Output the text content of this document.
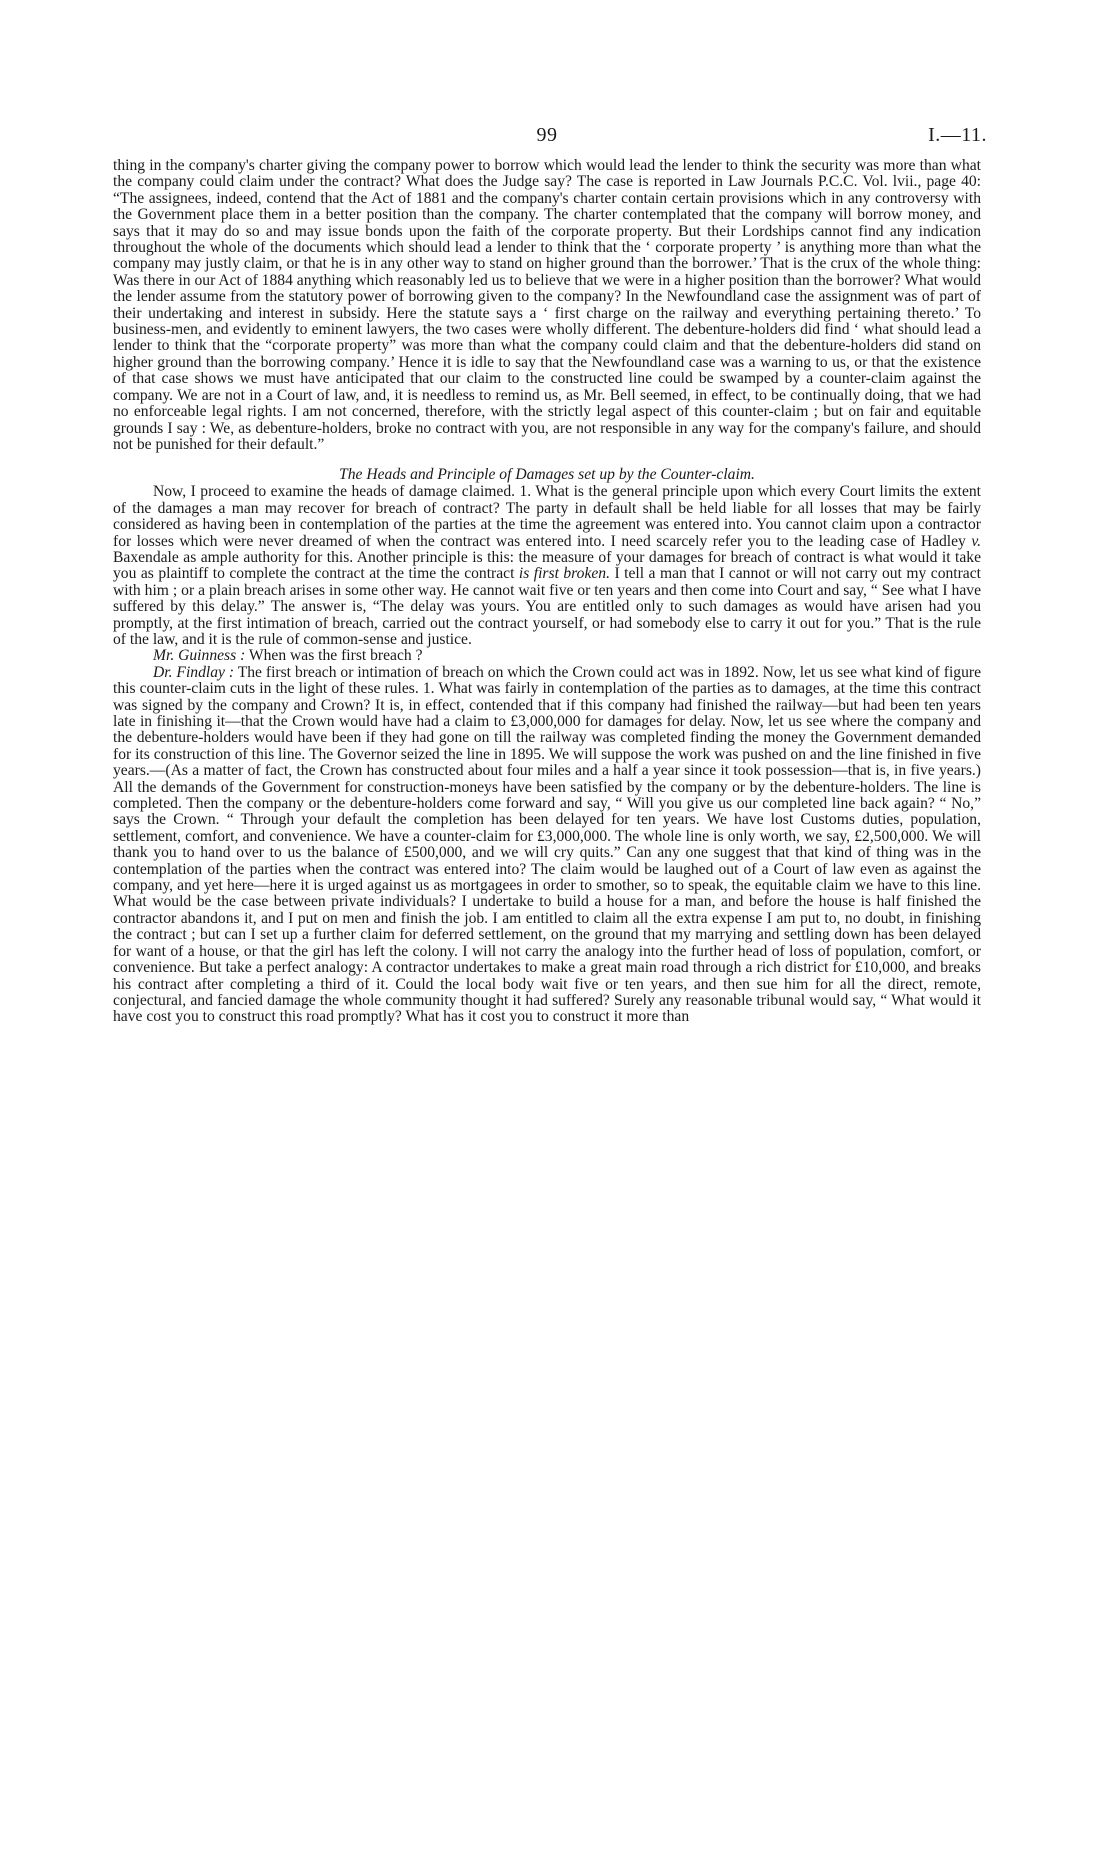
99	I.—11.

thing in the company's charter giving the company power to borrow which would lead the lender to think the security was more than what the company could claim under the contract? What does the Judge say? The case is reported in Law Journals P.C.C. Vol. lvii., page 40: “The assignees, indeed, contend that the Act of 1881 and the company's charter contain certain provisions which in any controversy with the Government place them in a better position than the company. The charter contemplated that the company will borrow money, and says that it may do so and may issue bonds upon the faith of the corporate property. But their Lordships cannot find any indication throughout the whole of the documents which should lead a lender to think that the ‘ corporate property ’ is anything more than what the company may justly claim, or that he is in any other way to stand on higher ground than the borrower.’ That is the crux of the whole thing: Was there in our Act of 1884 anything which reasonably led us to believe that we were in a higher position than the borrower? What would the lender assume from the statutory power of borrowing given to the company? In the Newfoundland case the assignment was of part of their undertaking and interest in subsidy. Here the statute says a ‘ first charge on the railway and everything pertaining thereto.’ To business-men, and evidently to eminent lawyers, the two cases were wholly different. The debenture-holders did find ‘ what should lead a lender to think that the “corporate property” was more than what the company could claim and that the debenture-holders did stand on higher ground than the borrowing company.’ Hence it is idle to say that the Newfoundland case was a warning to us, or that the existence of that case shows we must have anticipated that our claim to the constructed line could be swamped by a counter-claim against the company. We are not in a Court of law, and, it is needless to remind us, as Mr. Bell seemed, in effect, to be continually doing, that we had no enforceable legal rights. I am not concerned, therefore, with the strictly legal aspect of this counter-claim ; but on fair and equitable grounds I say : We, as debenture-holders, broke no contract with you, are not responsible in any way for the company's failure, and should not be punished for their default.”

The Heads and Principle of Damages set up by the Counter-claim.

Now, I proceed to examine the heads of damage claimed. 1. What is the general principle upon which every Court limits the extent of the damages a man may recover for breach of contract? The party in default shall be held liable for all losses that may be fairly considered as having been in contemplation of the parties at the time the agreement was entered into. You cannot claim upon a contractor for losses which were never dreamed of when the contract was entered into. I need scarcely refer you to the leading case of Hadley v. Baxendale as ample authority for this. Another principle is this: the measure of your damages for breach of contract is what would it take you as plaintiff to complete the contract at the time the contract is first broken. I tell a man that I cannot or will not carry out my contract with him ; or a plain breach arises in some other way. He cannot wait five or ten years and then come into Court and say, “ See what I have suffered by this delay.” The answer is, “The delay was yours. You are entitled only to such damages as would have arisen had you promptly, at the first intimation of breach, carried out the contract yourself, or had somebody else to carry it out for you.” That is the rule of the law, and it is the rule of common-sense and justice.

Mr. Guinness : When was the first breach ?

Dr. Findlay : The first breach or intimation of breach on which the Crown could act was in 1892. Now, let us see what kind of figure this counter-claim cuts in the light of these rules. 1. What was fairly in contemplation of the parties as to damages, at the time this contract was signed by the company and Crown? It is, in effect, contended that if this company had finished the railway—but had been ten years late in finishing it—that the Crown would have had a claim to £3,000,000 for damages for delay. Now, let us see where the company and the debenture-holders would have been if they had gone on till the railway was completed finding the money the Government demanded for its construction of this line. The Governor seized the line in 1895. We will suppose the work was pushed on and the line finished in five years.—(As a matter of fact, the Crown has constructed about four miles and a half a year since it took possession—that is, in five years.) All the demands of the Government for construction-moneys have been satisfied by the company or by the debenture-holders. The line is completed. Then the company or the debenture-holders come forward and say, “ Will you give us our completed line back again? “ No,” says the Crown. “ Through your default the completion has been delayed for ten years. We have lost Customs duties, population, settlement, comfort, and convenience. We have a counter-claim for £3,000,000. The whole line is only worth, we say, £2,500,000. We will thank you to hand over to us the balance of £500,000, and we will cry quits.” Can any one suggest that that kind of thing was in the contemplation of the parties when the contract was entered into? The claim would be laughed out of a Court of law even as against the company, and yet here—here it is urged against us as mortgagees in order to smother, so to speak, the equitable claim we have to this line. What would be the case between private individuals? I undertake to build a house for a man, and before the house is half finished the contractor abandons it, and I put on men and finish the job. I am entitled to claim all the extra expense I am put to, no doubt, in finishing the contract ; but can I set up a further claim for deferred settlement, on the ground that my marrying and settling down has been delayed for want of a house, or that the girl has left the colony. I will not carry the analogy into the further head of loss of population, comfort, or convenience. But take a perfect analogy: A contractor undertakes to make a great main road through a rich district for £10,000, and breaks his contract after completing a third of it. Could the local body wait five or ten years, and then sue him for all the direct, remote, conjectural, and fancied damage the whole community thought it had suffered? Surely any reasonable tribunal would say, “ What would it have cost you to construct this road promptly? What has it cost you to construct it more than
